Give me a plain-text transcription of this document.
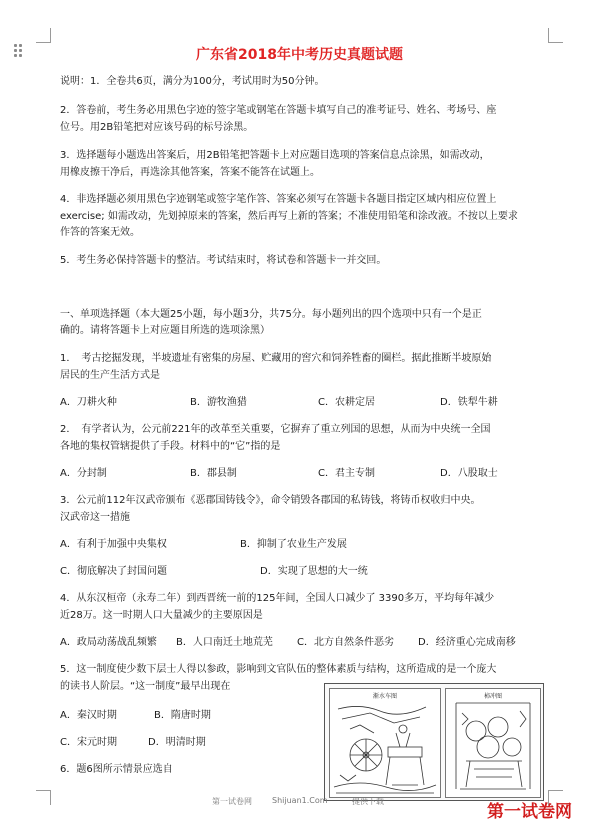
广东省2018年中考历史真题试题
说明：1．全卷共6页，满分为100分，考试用时为50分钟。
2．答卷前，考生务必用黑色字迹的签字笔或钢笔在答题卡填写自己的准考证号、姓名、考场号、座
位号。用2B铅笔把对应该号码的标号涂黑。
3．选择题每小题选出答案后，用2B铅笔把答题卡上对应题目选项的答案信息点涂黑，如需改动，
用橡皮擦干净后，再选涂其他答案，答案不能答在试题上。
4．非选择题必须用黑色字迹钢笔或签字笔作答、答案必须写在答题卡各题目指定区域内相应位置上
exercise; 如需改动，先划掉原来的答案，然后再写上新的答案；不准使用铅笔和涂改液。不按以上要求
作答的答案无效。
5．考生务必保持答题卡的整洁。考试结束时，将试卷和答题卡一并交回。
一、单项选择题（本大题25小题，每小题3分，共75分。每小题列出的四个选项中只有一个是正
确的。请将答题卡上对应题目所选的选项涂黑）
1．　考古挖掘发现，半坡遗址有密集的房屋、贮藏用的窖穴和饲养牲畜的圈栏。据此推断半坡原始
居民的生产生活方式是
A．刀耕火种	B．游牧渔猎	C．农耕定居	D．铁犁牛耕
2．　有学者认为，公元前221年的改革至关重要，它摒弃了重立列国的思想，从而为中央统一全国
各地的集权管辖提供了手段。材料中的“它”指的是
A．分封制	B．郡县制	C．君主专制	D．八股取士
3．公元前112年汉武帝颁布《恶郡国铸钱令》，命令销毁各郡国的私铸钱，将铸币权收归中央。
汉武帝这一措施
A．有利于加强中央集权	B．抑制了农业生产发展
C．彻底解决了封国问题	D．实现了思想的大一统
4．从东汉桓帝（永寿二年）到西晋统一前的125年间，全国人口减少了 3390多万，平均每年减少
近28万。这一时期人口大量减少的主要原因是
A．政局动荡战乱频繁 B．人口南迁土地荒芜 C．北方自然条件恶劣 D．经济重心完成南移
5．这一制度使少数下层士人得以参政，影响到文官队伍的整体素质与结构，这所造成的是一个庞大
的读书人阶层。“这一制度”最早出现在
A．秦汉时期	B．隋唐时期
C．宋元时期	D．明清时期
6．题6图所示情景应选自
渐水车图	柿冲图
第一试卷网	Shijuan1.Com	提供下载
第一试卷网
